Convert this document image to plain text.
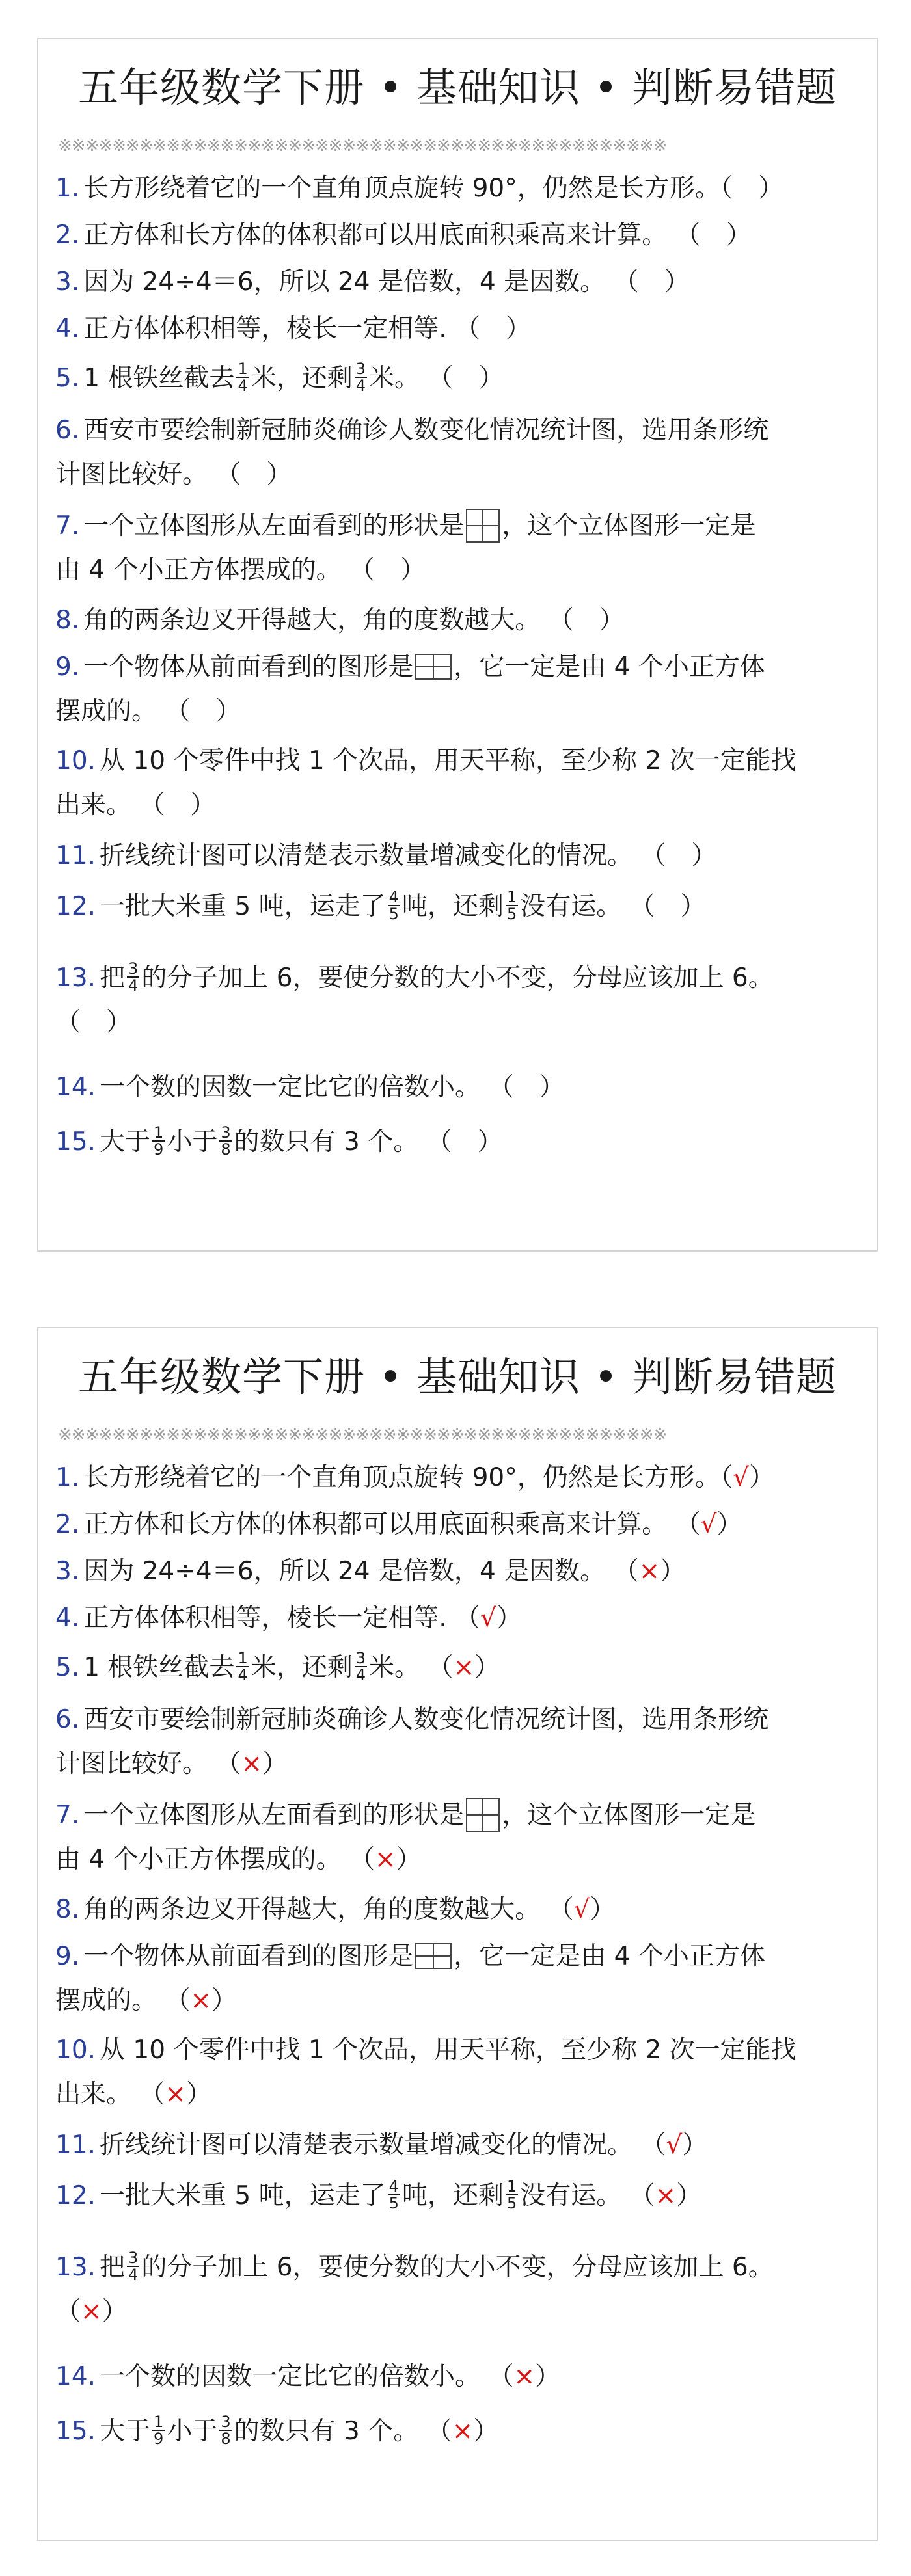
五年级数学下册 • 基础知识 • 判断易错题
※※※※※※※※※※※※※※※※※※※※※※※※※※※※※※※※※※※※※※※※※※※※※
1. 长方形绕着它的一个直角顶点旋转 90°，仍然是长方形。（　）
2. 正方体和长方体的体积都可以用底面积乘高来计算。 （　）
3. 因为 24÷4＝6，所以 24 是倍数，4 是因数。 （　）
4. 正方体体积相等，棱长一定相等. （　）
5. 1 根铁丝截去 $\frac{1}{4}$ 米，还剩 $\frac{3}{4}$ 米。 （　）
6. 西安市要绘制新冠肺炎确诊人数变化情况统计图，选用条形统
计图比较好。 （　）
7. 一个立体图形从左面看到的形状是 ，这个立体图形一定是
由 4 个小正方体摆成的。 （　）
8. 角的两条边叉开得越大，角的度数越大。 （　）
9. 一个物体从前面看到的图形是 ，它一定是由 4 个小正方体
摆成的。 （　）
10. 从 10 个零件中找 1 个次品，用天平称，至少称 2 次一定能找
出来。 （　）
11. 折线统计图可以清楚表示数量增减变化的情况。 （　）
12. 一批大米重 5 吨，运走了 $\frac{4}{5}$ 吨，还剩 $\frac{1}{5}$ 没有运。 （　）
13. 把 $\frac{3}{4}$ 的分子加上 6，要使分数的大小不变，分母应该加上 6。
（　）
14. 一个数的因数一定比它的倍数小。 （　）
15. 大于 $\frac{1}{9}$ 小于 $\frac{3}{8}$ 的数只有 3 个。 （　）
五年级数学下册 • 基础知识 • 判断易错题
※※※※※※※※※※※※※※※※※※※※※※※※※※※※※※※※※※※※※※※※※※※※※
1. 长方形绕着它的一个直角顶点旋转 90°，仍然是长方形。（√）
2. 正方体和长方体的体积都可以用底面积乘高来计算。 （√）
3. 因为 24÷4＝6，所以 24 是倍数，4 是因数。 （×）
4. 正方体体积相等，棱长一定相等. （√）
5. 1 根铁丝截去 $\frac{1}{4}$ 米，还剩 $\frac{3}{4}$ 米。 （×）
6. 西安市要绘制新冠肺炎确诊人数变化情况统计图，选用条形统
计图比较好。 （×）
7. 一个立体图形从左面看到的形状是 ，这个立体图形一定是
由 4 个小正方体摆成的。 （×）
8. 角的两条边叉开得越大，角的度数越大。 （√）
9. 一个物体从前面看到的图形是 ，它一定是由 4 个小正方体
摆成的。 （×）
10. 从 10 个零件中找 1 个次品，用天平称，至少称 2 次一定能找
出来。 （×）
11. 折线统计图可以清楚表示数量增减变化的情况。 （√）
12. 一批大米重 5 吨，运走了 $\frac{4}{5}$ 吨，还剩 $\frac{1}{5}$ 没有运。 （×）
13. 把 $\frac{3}{4}$ 的分子加上 6，要使分数的大小不变，分母应该加上 6。
（×）
14. 一个数的因数一定比它的倍数小。 （×）
15. 大于 $\frac{1}{9}$ 小于 $\frac{3}{8}$ 的数只有 3 个。 （×）
